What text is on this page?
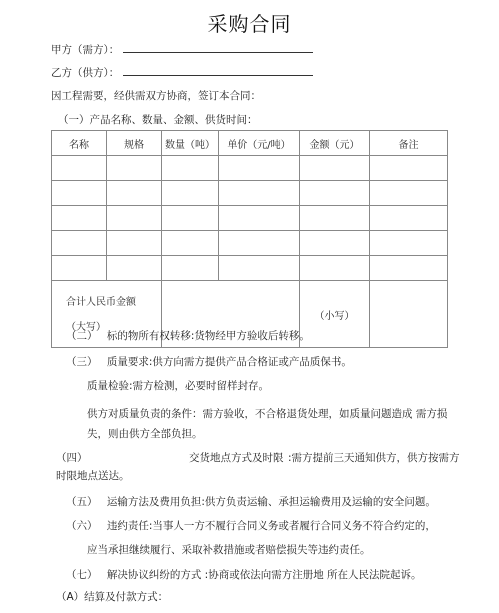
采购合同
甲方（需方）：
乙方（供方）：
因工程需要，经供需双方协商，签订本合同：
（一）产品名称、数量、金额、供货时间：
名称	规格	数量（吨）	单价（元/吨）	金额（元）	备注

合计人民币金额
（大写）				（小写）	
（二） 标的物所有权转移:货物经甲方验收后转移。
（三） 质量要求:供方向需方提供产品合格证或产品质保书。
质量检验:需方检测，必要时留样封存。
供方对质量负责的条件：需方验收，不合格退货处理，如质量问题造成 需方损失，则由供方全部负担。
（四）	交货地点方式及时限 :需方提前三天通知供方，供方按需方
时限地点送达。
（五） 运输方法及费用负担:供方负责运输、承担运输费用及运输的安全问题。
（六） 违约责任:当事人一方不履行合同义务或者履行合同义务不符合约定的，
应当承担继续履行、采取补救措施或者赔偿损失等违约责任。
（七） 解决协议纠纷的方式 :协商或依法向需方注册地 所在人民法院起诉。
（A）结算及付款方式：
